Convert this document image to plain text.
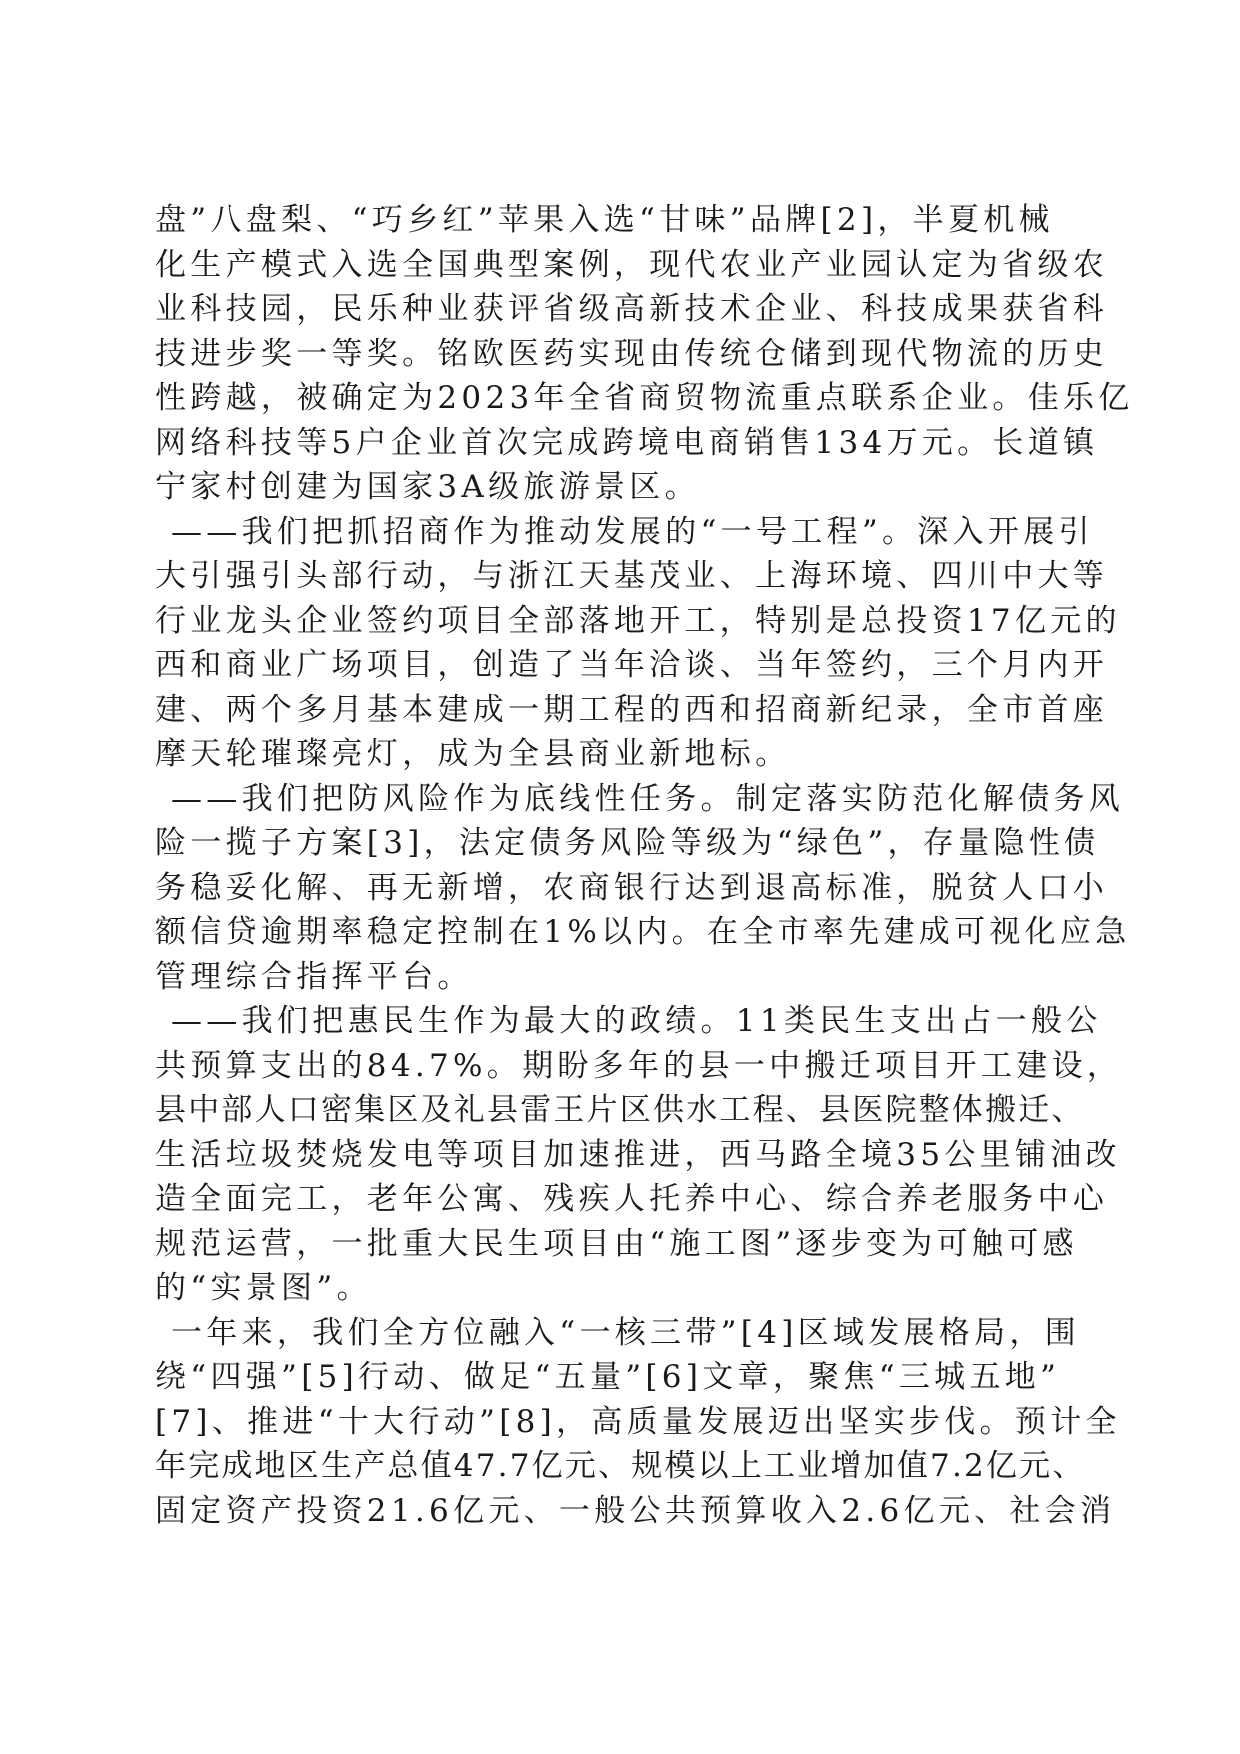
盘”八盘梨、“巧乡红”苹果入选“甘味”品牌[2]，半夏机械
化生产模式入选全国典型案例，现代农业产业园认定为省级农
业科技园，民乐种业获评省级高新技术企业、科技成果获省科
技进步奖一等奖。铭欧医药实现由传统仓储到现代物流的历史
性跨越，被确定为2023年全省商贸物流重点联系企业。佳乐亿
网络科技等5户企业首次完成跨境电商销售134万元。长道镇
宁家村创建为国家3A级旅游景区。
——我们把抓招商作为推动发展的“一号工程”。深入开展引
大引强引头部行动，与浙江天基茂业、上海环境、四川中大等
行业龙头企业签约项目全部落地开工，特别是总投资17亿元的
西和商业广场项目，创造了当年洽谈、当年签约，三个月内开
建、两个多月基本建成一期工程的西和招商新纪录，全市首座
摩天轮璀璨亮灯，成为全县商业新地标。
——我们把防风险作为底线性任务。制定落实防范化解债务风
险一揽子方案[3]，法定债务风险等级为“绿色”，存量隐性债
务稳妥化解、再无新增，农商银行达到退高标准，脱贫人口小
额信贷逾期率稳定控制在1%以内。在全市率先建成可视化应急
管理综合指挥平台。
——我们把惠民生作为最大的政绩。11类民生支出占一般公
共预算支出的84.7%。期盼多年的县一中搬迁项目开工建设，
县中部人口密集区及礼县雷王片区供水工程、县医院整体搬迁、
生活垃圾焚烧发电等项目加速推进，西马路全境35公里铺油改
造全面完工，老年公寓、残疾人托养中心、综合养老服务中心
规范运营，一批重大民生项目由“施工图”逐步变为可触可感
的“实景图”。
一年来，我们全方位融入“一核三带”[4]区域发展格局，围
绕“四强”[5]行动、做足“五量”[6]文章，聚焦“三城五地”
[7]、推进“十大行动”[8]，高质量发展迈出坚实步伐。预计全
年完成地区生产总值47.7亿元、规模以上工业增加值7.2亿元、
固定资产投资21.6亿元、一般公共预算收入2.6亿元、社会消
